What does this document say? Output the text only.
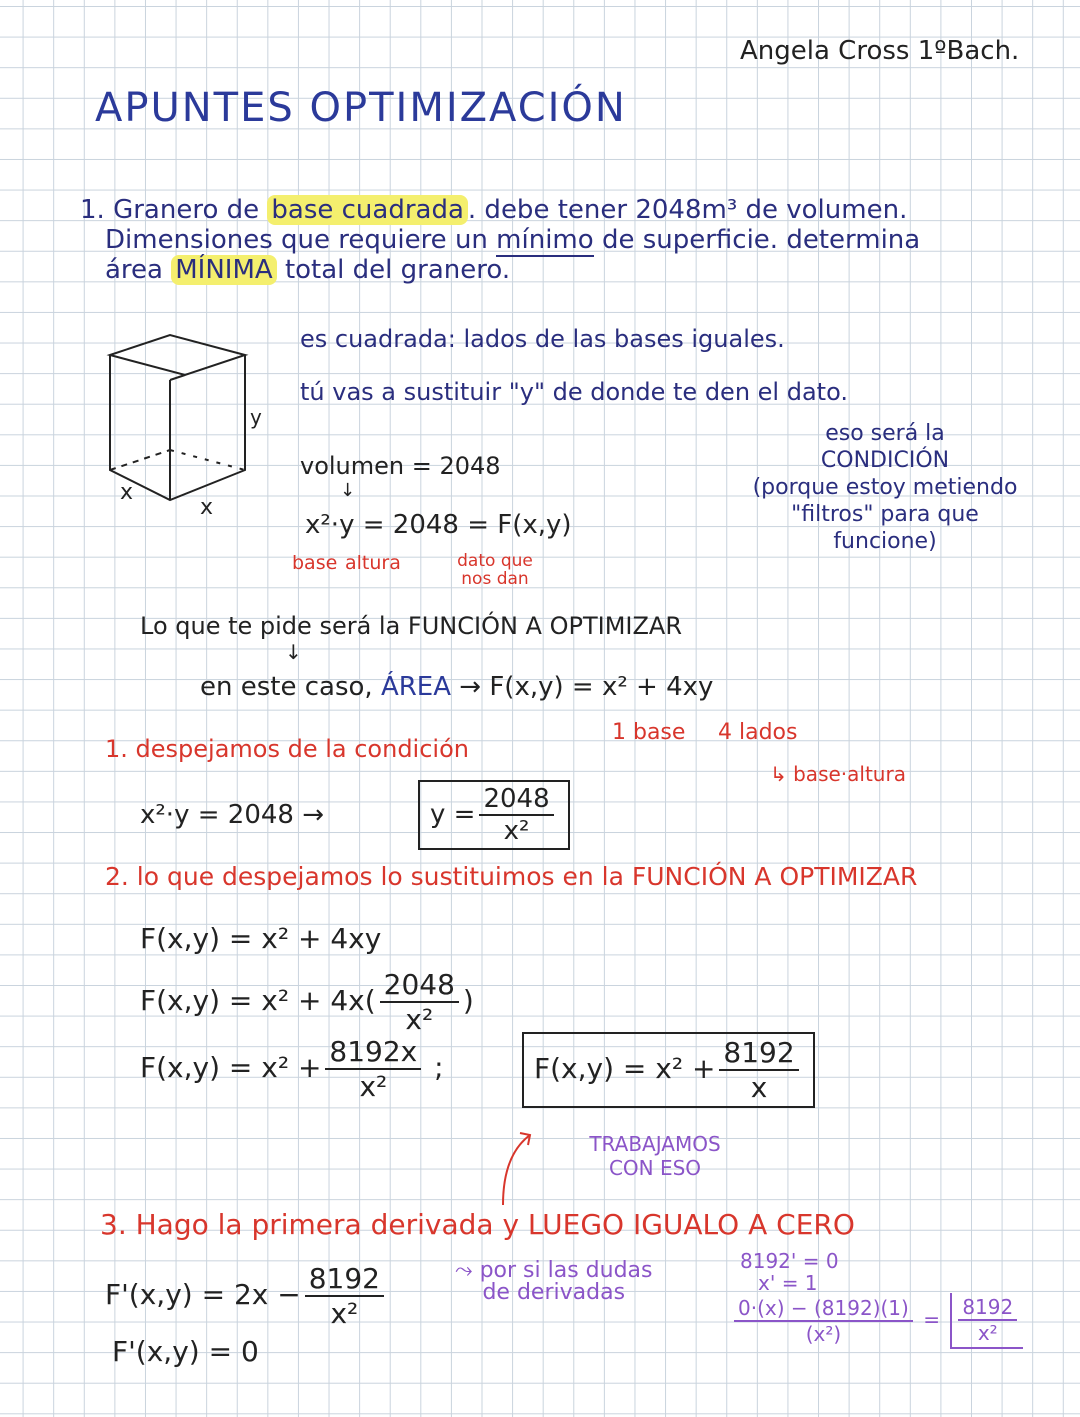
Angela Cross 1ºBach.
APUNTES OPTIMIZACIÓN
1. Granero de base cuadrada . debe tener 2048m³ de volumen.
Dimensiones que requiere un mínimo de superficie. determina
área MÍNIMA total del granero.
y
x
x
es cuadrada: lados de las bases iguales.
tú vas a sustituir "y" de donde te den el dato.
volumen = 2048
↓
x²·y = 2048 = F(x,y)
base altura	dato que nos dan
eso será la
CONDICIÓN
(porque estoy metiendo
"filtros" para que
funcione)
Lo que te pide será la FUNCIÓN A OPTIMIZAR
↓
en este caso, ÁREA → F(x,y) = x² + 4xy
1 base 4 lados
↳ base·altura
1. despejamos de la condición
x²·y = 2048 →	$y = \frac{2048}{\text{x²}}$
2. lo que despejamos lo sustituimos en la FUNCIÓN A OPTIMIZAR
F(x,y) = x² + 4xy
$F(x,y) = x^2 + 4x( \frac{2048}{\text{x²}}$ )
$F(x,y) = x^2 + \frac{8192x}{\text{x²}}$ ;	$F(x,y) = x^2 + \frac{8192}{x}$
TRABAJAMOS CON ESO
3. Hago la primera derivada y LUEGO IGUALO A CERO
$F'(x,y) = 2x - \frac{8192}{\text{x²}}$
F'(x,y) = 0
⤳ por si las dudas
de derivadas
8192' = 0
x' = 1
$\frac{0\cdot(x) - (8192)(1)}{\text{(x²)}} = \frac{8192}{\text{x²}}$
